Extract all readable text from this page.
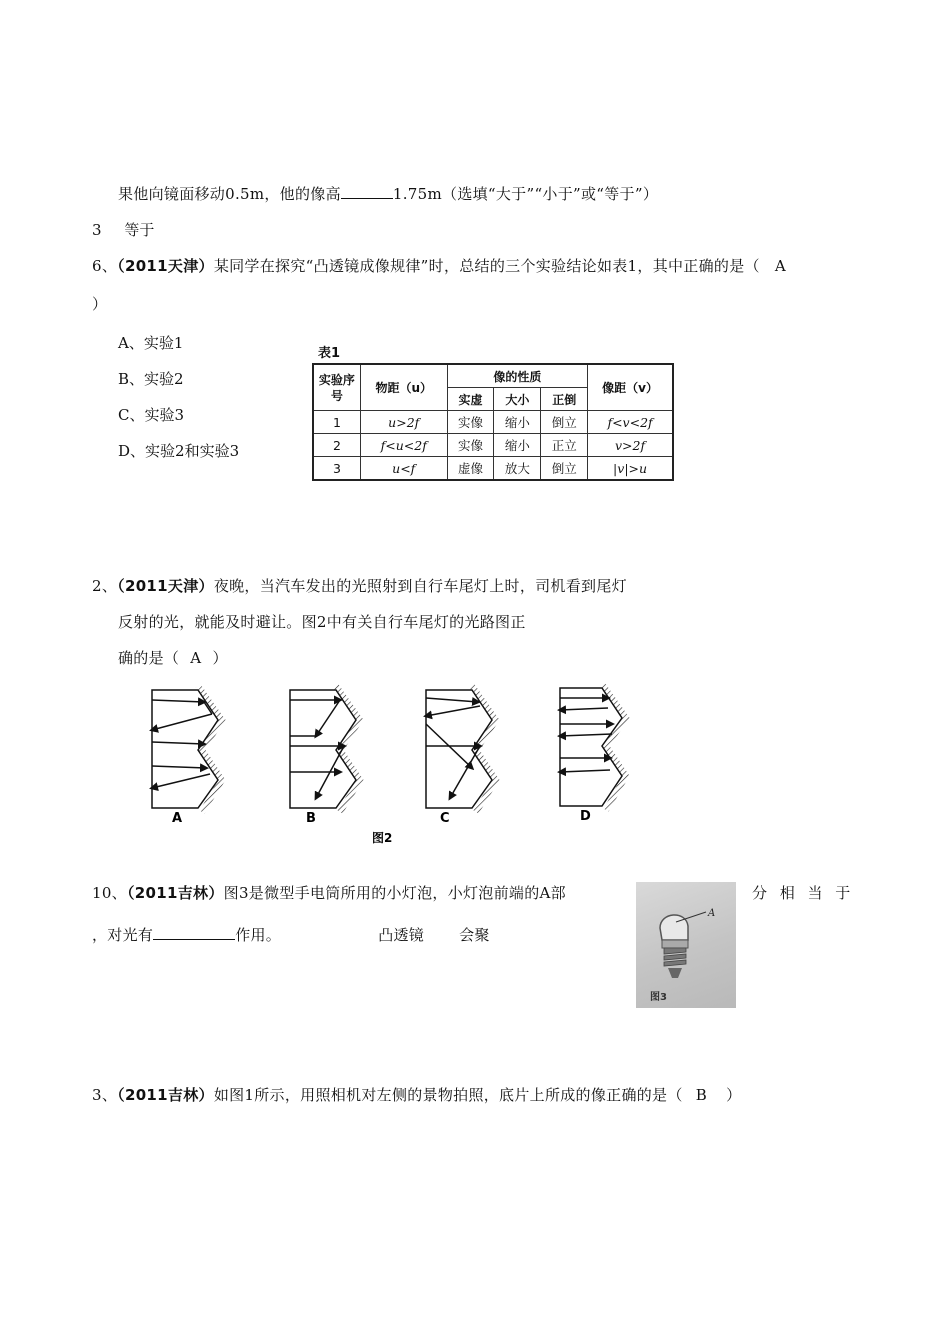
果他向镜面移动0.5m，他的像高	1.75m（选填“大于”“小于”或“等于”）
3 等于
6、（2011天津）某同学在探究“凸透镜成像规律”时，总结的三个实验结论如表1，其中正确的是（ A
）
A、实验1
B、实验2
C、实验3
D、实验2和实验3
表1
实验序号	物距（u）	像的性质			像距（v）
		实虚	大小	正倒	
1	u>2f	实像	缩小	倒立	f<v<2f
2	f<u<2f	实像	缩小	正立	v>2f
3	u<f	虚像	放大	倒立	|v|>u
2、（2011天津）夜晚，当汽车发出的光照射到自行车尾灯上时，司机看到尾灯
反射的光，就能及时避让。图2中有关自行车尾灯的光路图正
确的是（ A ）
A	B	C	D
图2
10、（2011吉林）图3是微型手电筒所用的小灯泡，小灯泡前端的A部	分 相 当 于
，对光有	作用。	凸透镜 会聚
A
图3
3、（2011吉林）如图1所示，用照相机对左侧的景物拍照，底片上所成的像正确的是（ B ）
